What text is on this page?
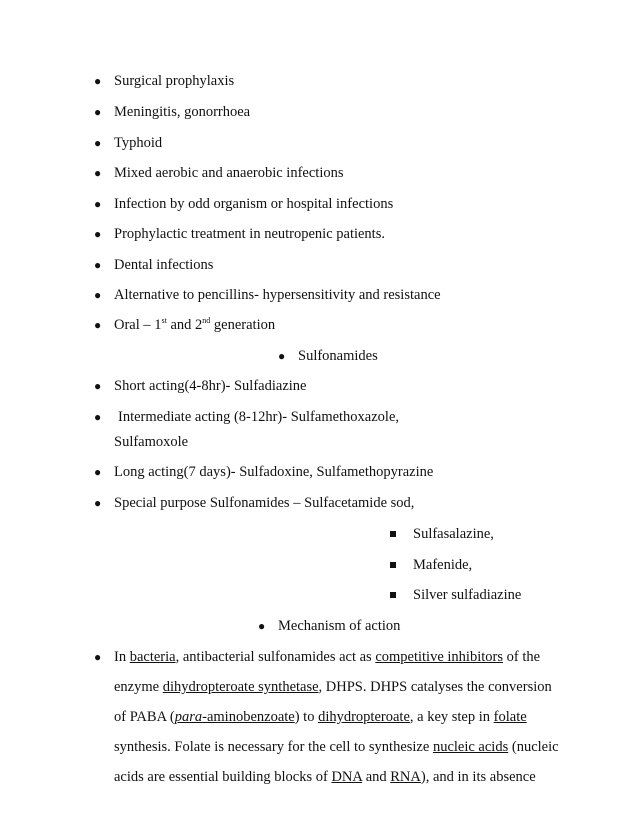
● Surgical prophylaxis
● Meningitis, gonorrhoea
● Typhoid
● Mixed aerobic and anaerobic infections
● Infection by odd organism or hospital infections
● Prophylactic treatment in neutropenic patients.
● Dental infections
● Alternative to pencillins- hypersensitivity and resistance
● Oral – 1st and 2nd generation
● Sulfonamides
● Short acting(4-8hr)- Sulfadiazine
● Intermediate acting (8-12hr)- Sulfamethoxazole,
Sulfamoxole
● Long acting(7 days)- Sulfadoxine, Sulfamethopyrazine
● Special purpose Sulfonamides – Sulfacetamide sod,
Sulfasalazine,
Mafenide,
Silver sulfadiazine
● Mechanism of action
● In bacteria, antibacterial sulfonamides act as competitive inhibitors of the
enzyme dihydropteroate synthetase, DHPS. DHPS catalyses the conversion
of PABA (para-aminobenzoate) to dihydropteroate, a key step in folate
synthesis. Folate is necessary for the cell to synthesize nucleic acids (nucleic
acids are essential building blocks of DNA and RNA), and in its absence
